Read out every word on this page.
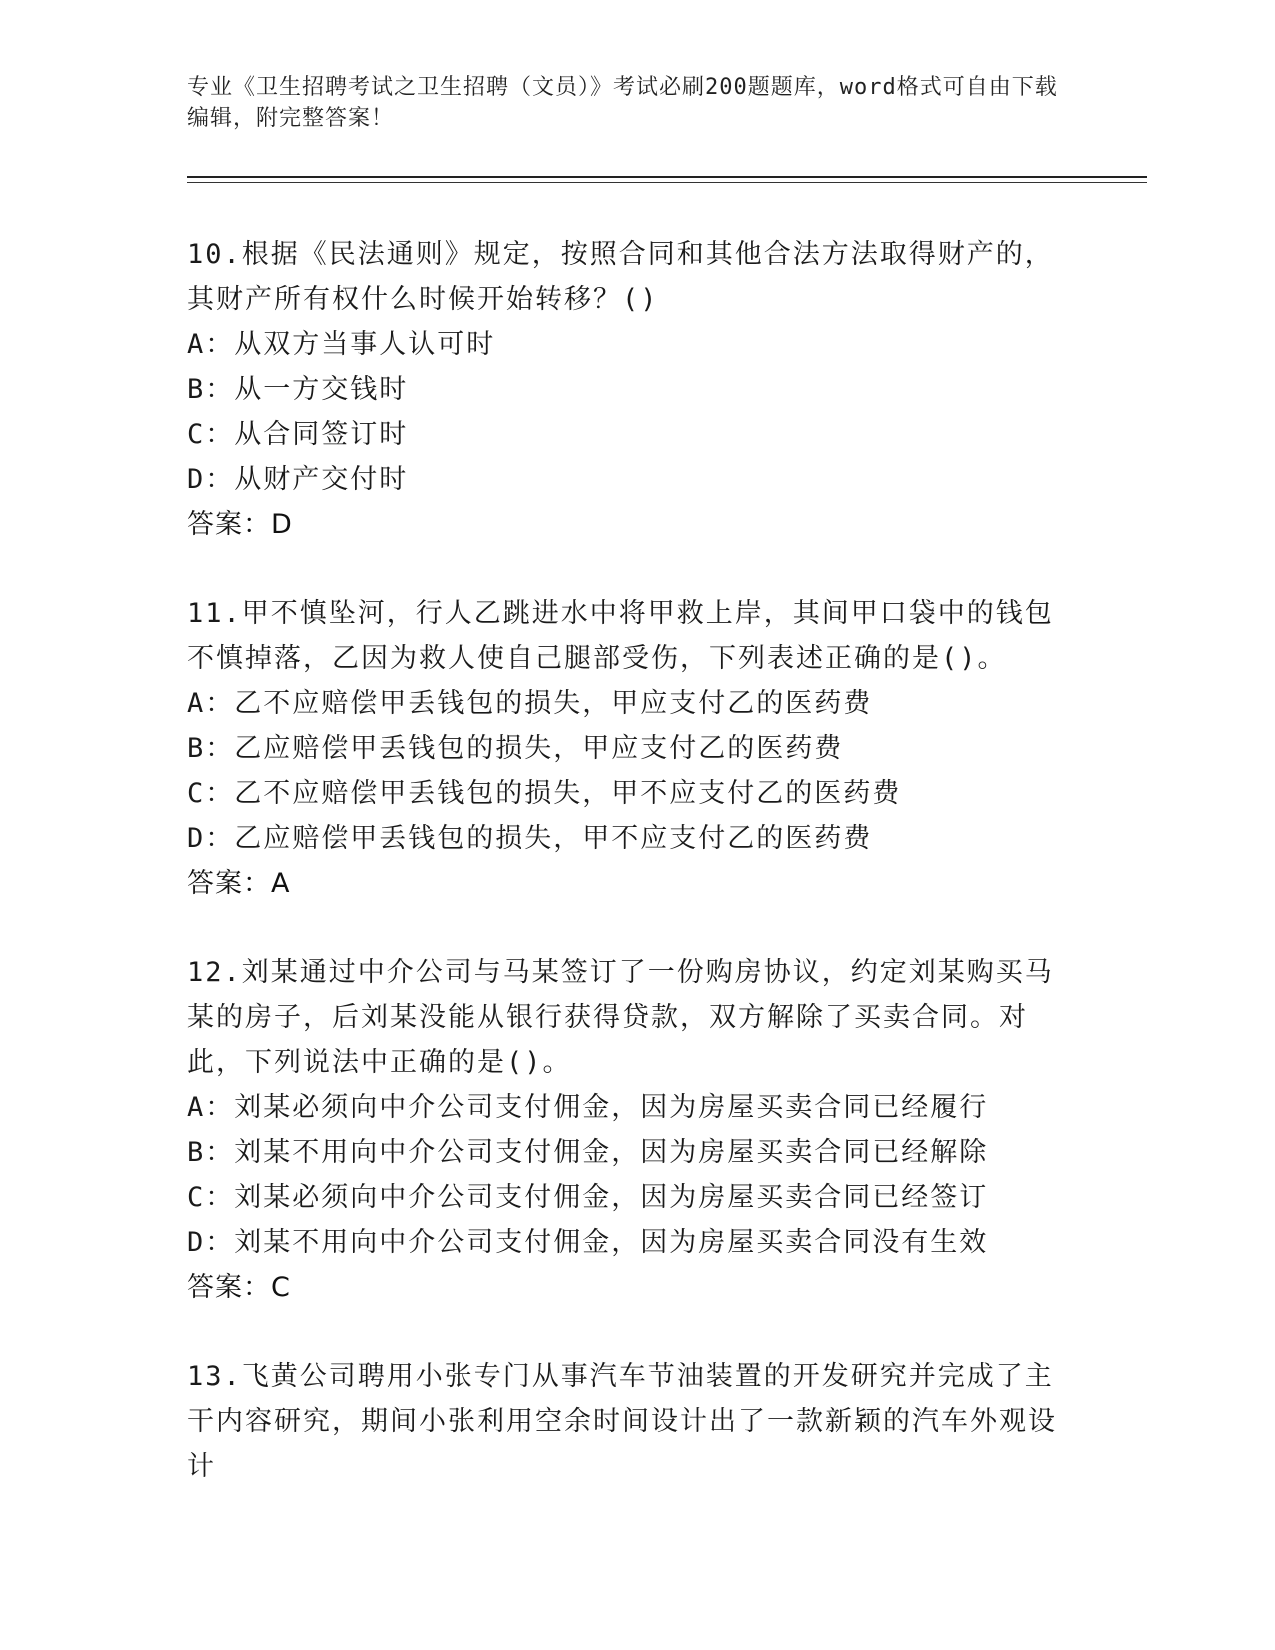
专业《卫生招聘考试之卫生招聘（文员）》考试必刷200题题库，word格式可自由下载编辑，附完整答案！

10.根据《民法通则》规定，按照合同和其他合法方法取得财产的，其财产所有权什么时候开始转移？()

A：从双方当事人认可时

B：从一方交钱时

C：从合同签订时

D：从财产交付时

答案：D

11.甲不慎坠河，行人乙跳进水中将甲救上岸，其间甲口袋中的钱包不慎掉落，乙因为救人使自己腿部受伤，下列表述正确的是()。

A：乙不应赔偿甲丢钱包的损失，甲应支付乙的医药费

B：乙应赔偿甲丢钱包的损失，甲应支付乙的医药费

C：乙不应赔偿甲丢钱包的损失，甲不应支付乙的医药费

D：乙应赔偿甲丢钱包的损失，甲不应支付乙的医药费

答案：A

12.刘某通过中介公司与马某签订了一份购房协议，约定刘某购买马某的房子，后刘某没能从银行获得贷款，双方解除了买卖合同。对此，下列说法中正确的是()。

A：刘某必须向中介公司支付佣金，因为房屋买卖合同已经履行

B：刘某不用向中介公司支付佣金，因为房屋买卖合同已经解除

C：刘某必须向中介公司支付佣金，因为房屋买卖合同已经签订

D：刘某不用向中介公司支付佣金，因为房屋买卖合同没有生效

答案：C

13.飞黄公司聘用小张专门从事汽车节油装置的开发研究并完成了主干内容研究，期间小张利用空余时间设计出了一款新颖的汽车外观设计
